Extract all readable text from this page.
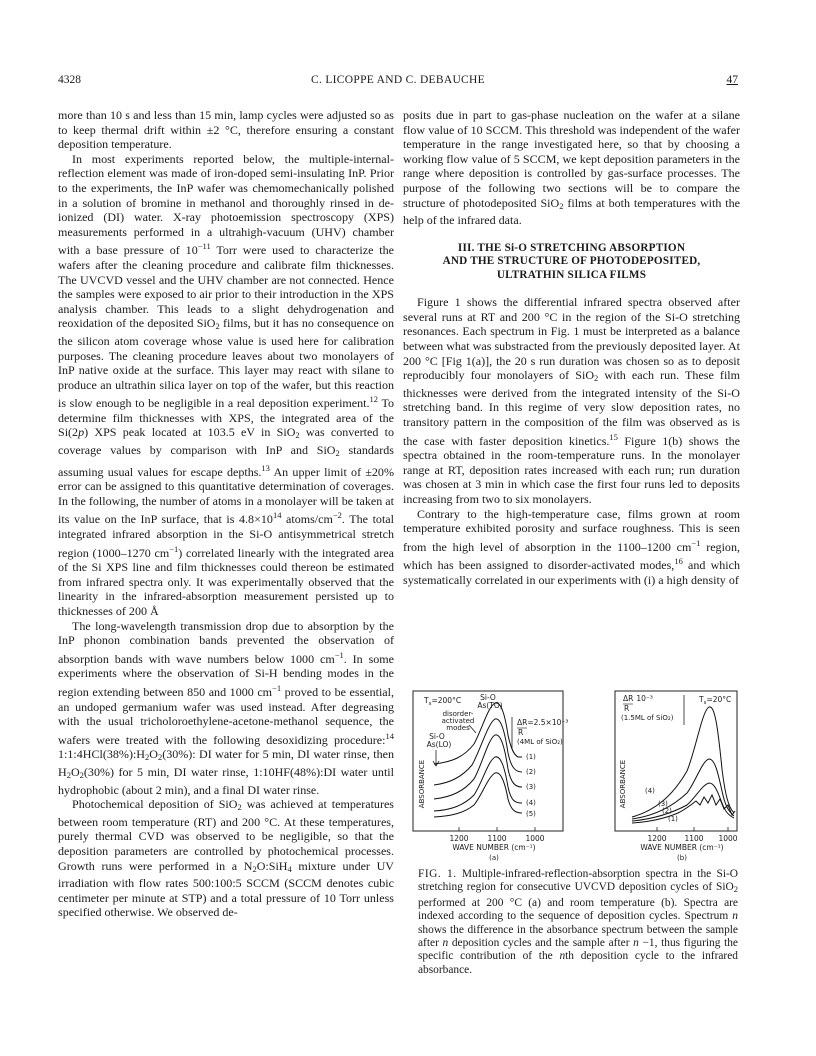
4328	C. LICOPPE AND C. DEBAUCHE	47

more than 10 s and less than 15 min, lamp cycles were adjusted so as to keep thermal drift within ±2 °C, therefore ensuring a constant deposition temperature.

In most experiments reported below, the multiple-internal-reflection element was made of iron-doped semi-insulating InP. Prior to the experiments, the InP wafer was chemomechanically polished in a solution of bromine in methanol and thoroughly rinsed in de-ionized (DI) water. X-ray photoemission spectroscopy (XPS) measurements performed in a ultrahigh-vacuum (UHV) chamber with a base pressure of $10^{-11}$ Torr were used to characterize the wafers after the cleaning procedure and calibrate film thicknesses. The UVCVD vessel and the UHV chamber are not connected. Hence the samples were exposed to air prior to their introduction in the XPS analysis chamber. This leads to a slight dehydrogenation and reoxidation of the deposited SiO$_2$ films, but it has no consequence on the silicon atom coverage whose value is used here for calibration purposes. The cleaning procedure leaves about two monolayers of InP native oxide at the surface. This layer may react with silane to produce an ultrathin silica layer on top of the wafer, but this reaction is slow enough to be negligible in a real deposition experiment.$^{12}$ To determine film thicknesses with XPS, the integrated area of the Si(2p) XPS peak located at 103.5 eV in SiO$_2$ was converted to coverage values by comparison with InP and SiO$_2$ standards assuming usual values for escape depths.$^{13}$ An upper limit of ±20% error can be assigned to this quantitative determination of coverages. In the following, the number of atoms in a monolayer will be taken at its value on the InP surface, that is $4.8\times 10^{14}$ atoms/$cm^{-2}$. The total integrated infrared absorption in the Si-O antisymmetrical stretch region (1000–1270 $cm^{-1}$) correlated linearly with the integrated area of the Si XPS line and film thicknesses could thereon be estimated from infrared spectra only. It was experimentally observed that the linearity in the infrared-absorption measurement persisted up to thicknesses of 200 Å

The long-wavelength transmission drop due to absorption by the InP phonon combination bands prevented the observation of absorption bands with wave numbers below 1000 $cm^{-1}$. In some experiments where the observation of Si-H bending modes in the region extending between 850 and 1000 $cm^{-1}$ proved to be essential, an undoped germanium wafer was used instead. After degreasing with the usual tricholoroethylene-acetone-methanol sequence, the wafers were treated with the following desoxidizing procedure:$^{14}$ $1:1:4HCl(38\%):H_2O_2(30\%)$: DI water for 5 min, DI water rinse, then $H_2O_2(30\%)$ for 5 min, DI water rinse, 1:10HF(48%):DI water until hydrophobic (about 2 min), and a final DI water rinse.

Photochemical deposition of SiO$_2$ was achieved at temperatures between room temperature (RT) and 200 °C. At these temperatures, purely thermal CVD was observed to be negligible, so that the deposition parameters are controlled by photochemical processes. Growth runs were performed in a $N_2O:SiH_4$ mixture under UV irradiation with flow rates 500:100:5 SCCM (SCCM denotes cubic centimeter per minute at STP) and a total pressure of 10 Torr unless specified otherwise. We observed de-

posits due in part to gas-phase nucleation on the wafer at a silane flow value of 10 SCCM. This threshold was independent of the wafer temperature in the range investigated here, so that by choosing a working flow value of 5 SCCM, we kept deposition parameters in the range where deposition is controlled by gas-surface processes. The purpose of the following two sections will be to compare the structure of photodeposited SiO$_2$ films at both temperatures with the help of the infrared data.

III. THE Si-O STRETCHING ABSORPTION
AND THE STRUCTURE OF PHOTODEPOSITED,
ULTRATHIN SILICA FILMS

Figure 1 shows the differential infrared spectra observed after several runs at RT and 200 °C in the region of the Si-O stretching resonances. Each spectrum in Fig. 1 must be interpreted as a balance between what was substracted from the previously deposited layer. At 200 °C [Fig 1(a)], the 20 s run duration was chosen so as to deposit reproducibly four monolayers of SiO$_2$ with each run. These film thicknesses were derived from the integrated intensity of the Si-O stretching band. In this regime of very slow deposition rates, no transitory pattern in the composition of the film was observed as is the case with faster deposition kinetics.$^{15}$ Figure 1(b) shows the spectra obtained in the room-temperature runs. In the monolayer range at RT, deposition rates increased with each run; run duration was chosen at 3 min in which case the first four runs led to deposits increasing from two to six monolayers.

Contrary to the high-temperature case, films grown at room temperature exhibited porosity and surface roughness. This is seen from the high level of absorption in the 1100–1200 $cm^{-1}$ region, which has been assigned to disorder-activated modes,$^{16}$ and which systematically correlated in our experiments with (i) a high density of

$T_s=200^\circ C$	Si-O
As(TO)
disorder-
activated
modes
Si-O
As(LO)
ΔR=2.5×10⁻³
R
(4ML of SiO₂)
ABSORBANCE
(1)
(2)
(3)
(4)
(5)
1200	1100	1000
WAVE NUMBER (cm⁻¹)
(a)
ΔR 10⁻³
R
(1.5ML of SiO₂)
$T_s=20^\circ C$
ABSORBANCE	(4)
(3)
(2)
(1)
1200 1100 1000
WAVE NUMBER (cm⁻¹)
(b)
FIG. 1. Multiple-infrared-reflection-absorption spectra in the Si-O stretching region for consecutive UVCVD deposition cycles of SiO$_2$ performed at 200 °C (a) and room temperature (b). Spectra are indexed according to the sequence of deposition cycles. Spectrum n shows the difference in the absorbance spectrum between the sample after n deposition cycles and the sample after n −1, thus figuring the specific contribution of the nth deposition cycle to the infrared absorbance.
